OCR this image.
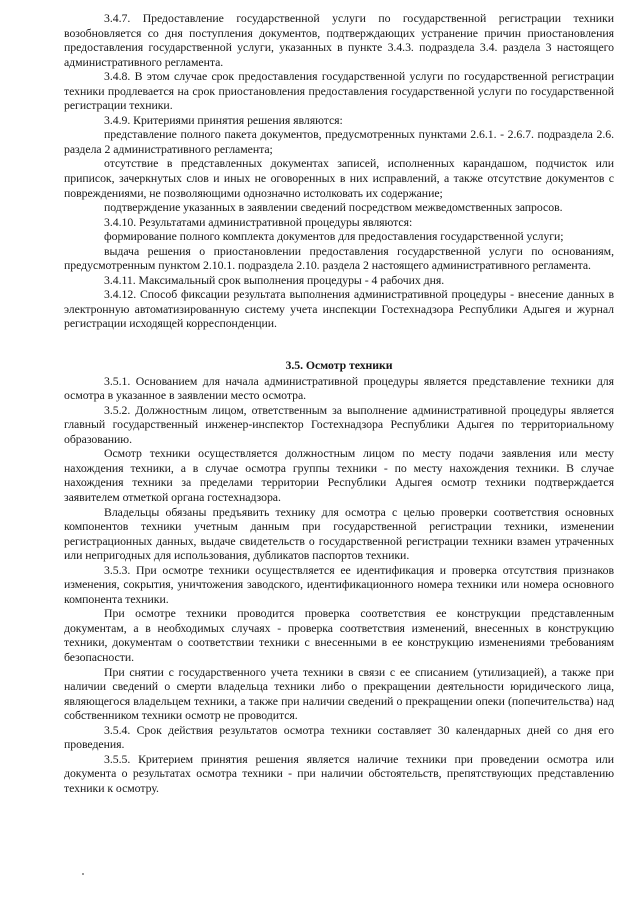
3.4.7. Предоставление государственной услуги по государственной регистрации техники возобновляется со дня поступления документов, подтверждающих устранение причин приостановления предоставления государственной услуги, указанных в пункте 3.4.3. подраздела 3.4. раздела 3 настоящего административного регламента.

3.4.8. В этом случае срок предоставления государственной услуги по государственной регистрации техники продлевается на срок приостановления предоставления государственной услуги по государственной регистрации техники.

3.4.9. Критериями принятия решения являются:

представление полного пакета документов, предусмотренных пунктами 2.6.1. - 2.6.7. подраздела 2.6. раздела 2 административного регламента;

отсутствие в представленных документах записей, исполненных карандашом, подчисток или приписок, зачеркнутых слов и иных не оговоренных в них исправлений, а также отсутствие документов с повреждениями, не позволяющими однозначно истолковать их содержание;

подтверждение указанных в заявлении сведений посредством межведомственных запросов.

3.4.10. Результатами административной процедуры являются:

формирование полного комплекта документов для предоставления государственной услуги;

выдача решения о приостановлении предоставления государственной услуги по основаниям, предусмотренным пунктом 2.10.1. подраздела 2.10. раздела 2 настоящего административного регламента.

3.4.11. Максимальный срок выполнения процедуры - 4 рабочих дня.

3.4.12. Способ фиксации результата выполнения административной процедуры - внесение данных в электронную автоматизированную систему учета инспекции Гостехнадзора Республики Адыгея и журнал регистрации исходящей корреспонденции.

3.5. Осмотр техники

3.5.1. Основанием для начала административной процедуры является представление техники для осмотра в указанное в заявлении место осмотра.

3.5.2. Должностным лицом, ответственным за выполнение административной процедуры является главный государственный инженер-инспектор Гостехнадзора Республики Адыгея по территориальному образованию.

Осмотр техники осуществляется должностным лицом по месту подачи заявления или месту нахождения техники, а в случае осмотра группы техники - по месту нахождения техники. В случае нахождения техники за пределами территории Республики Адыгея осмотр техники подтверждается заявителем отметкой органа гостехнадзора.

Владельцы обязаны предъявить технику для осмотра с целью проверки соответствия основных компонентов техники учетным данным при государственной регистрации техники, изменении регистрационных данных, выдаче свидетельств о государственной регистрации техники взамен утраченных или непригодных для использования, дубликатов паспортов техники.

3.5.3. При осмотре техники осуществляется ее идентификация и проверка отсутствия признаков изменения, сокрытия, уничтожения заводского, идентификационного номера техники или номера основного компонента техники.

При осмотре техники проводится проверка соответствия ее конструкции представленным документам, а в необходимых случаях - проверка соответствия изменений, внесенных в конструкцию техники, документам о соответствии техники с внесенными в ее конструкцию изменениями требованиям безопасности.

При снятии с государственного учета техники в связи с ее списанием (утилизацией), а также при наличии сведений о смерти владельца техники либо о прекращении деятельности юридического лица, являющегося владельцем техники, а также при наличии сведений о прекращении опеки (попечительства) над собственником техники осмотр не проводится.

3.5.4. Срок действия результатов осмотра техники составляет 30 календарных дней со дня его проведения.

3.5.5. Критерием принятия решения является наличие техники при проведении осмотра или документа о результатах осмотра техники - при наличии обстоятельств, препятствующих представлению техники к осмотру.
